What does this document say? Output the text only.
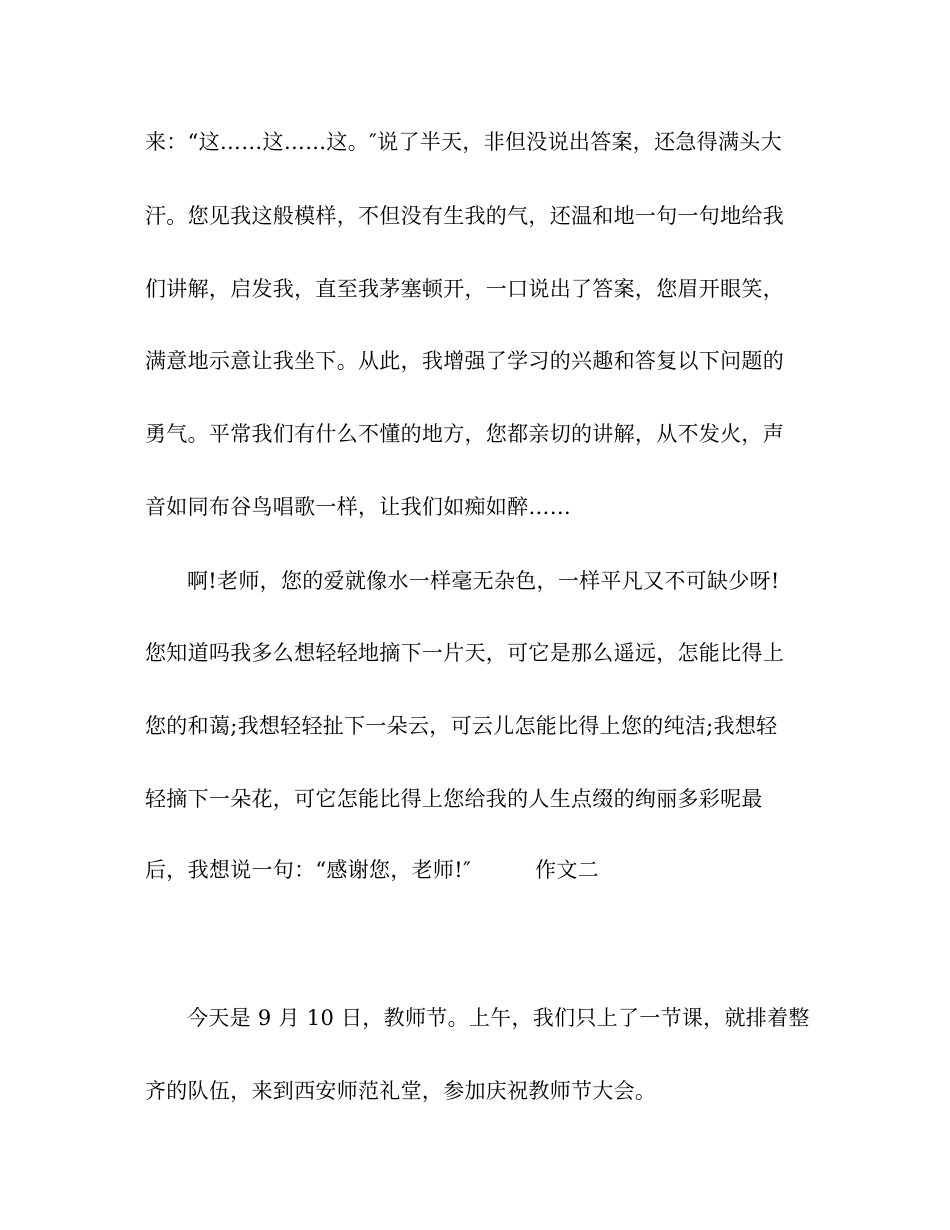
来：“这……这……这。″说了半天，非但没说出答案，还急得满头大
汗。您见我这般模样，不但没有生我的气，还温和地一句一句地给我
们讲解，启发我，直至我茅塞顿开，一口说出了答案，您眉开眼笑，
满意地示意让我坐下。从此，我增强了学习的兴趣和答复以下问题的
勇气。平常我们有什么不懂的地方，您都亲切的讲解，从不发火，声
音如同布谷鸟唱歌一样，让我们如痴如醉……
啊!老师，您的爱就像水一样毫无杂色，一样平凡又不可缺少呀!
您知道吗我多么想轻轻地摘下一片天，可它是那么遥远，怎能比得上
您的和蔼;我想轻轻扯下一朵云，可云儿怎能比得上您的纯洁;我想轻
轻摘下一朵花，可它怎能比得上您给我的人生点缀的绚丽多彩呢最
后，我想说一句：“感谢您，老师!″　　　作文二
今天是 9 月 10 日，教师节。上午，我们只上了一节课，就排着整
齐的队伍，来到西安师范礼堂，参加庆祝教师节大会。
